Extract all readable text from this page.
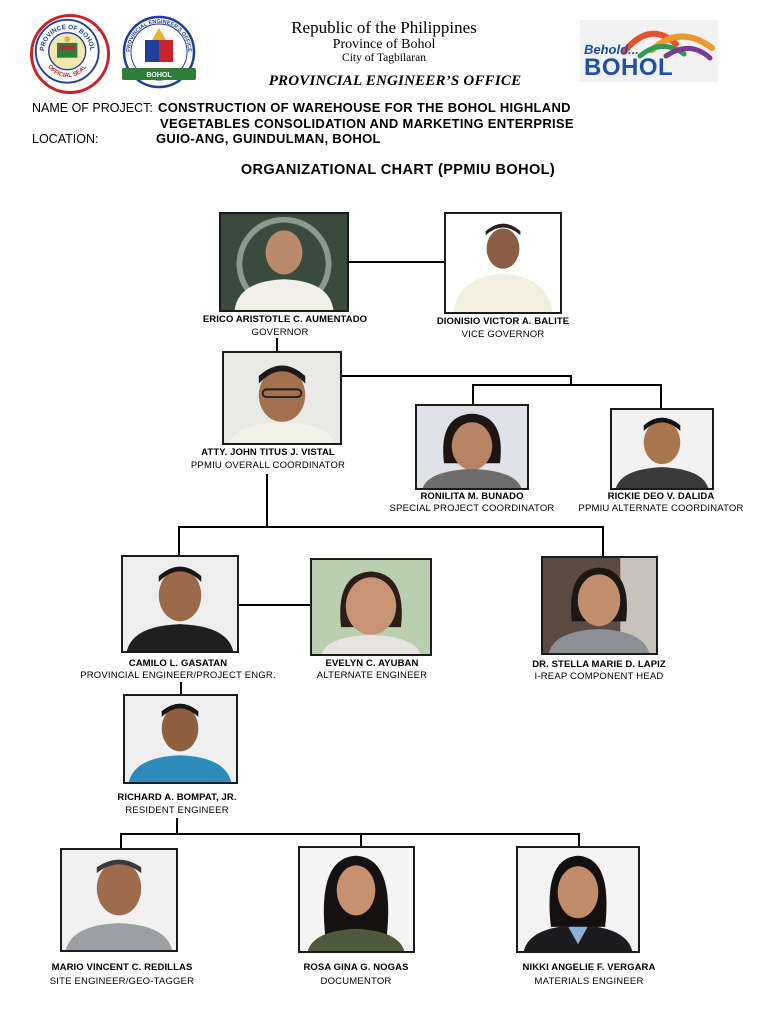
PROVINCE OF BOHOL
OFFICIAL SEAL
BOHOL
PROVINCIAL ENGINEER'S OFFICE
Republic of the Philippines
Province of Bohol
City of Tagbilaran
Behold...
BOHOL
PROVINCIAL ENGINEER’S OFFICE
NAME OF PROJECT: CONSTRUCTION OF WAREHOUSE FOR THE BOHOL HIGHLAND
VEGETABLES CONSOLIDATION AND MARKETING ENTERPRISE
LOCATION:	GUIO-ANG, GUINDULMAN, BOHOL
ORGANIZATIONAL CHART (PPMIU BOHOL)
ERICO ARISTOTLE C. AUMENTADO
GOVERNOR
DIONISIO VICTOR A. BALITE
VICE GOVERNOR
ATTY. JOHN TITUS J. VISTAL
PPMIU OVERALL COORDINATOR
RONILITA M. BUNADO
SPECIAL PROJECT COORDINATOR
RICKIE DEO V. DALIDA
PPMIU ALTERNATE COORDINATOR
CAMILO L. GASATAN
PROVINCIAL ENGINEER/PROJECT ENGR.
EVELYN C. AYUBAN
ALTERNATE ENGINEER
DR. STELLA MARIE D. LAPIZ
I-REAP COMPONENT HEAD
RICHARD A. BOMPAT, JR.
RESIDENT ENGINEER
MARIO VINCENT C. REDILLAS
SITE ENGINEER/GEO-TAGGER
ROSA GINA G. NOGAS
DOCUMENTOR
NIKKI ANGELIE F. VERGARA
MATERIALS ENGINEER
